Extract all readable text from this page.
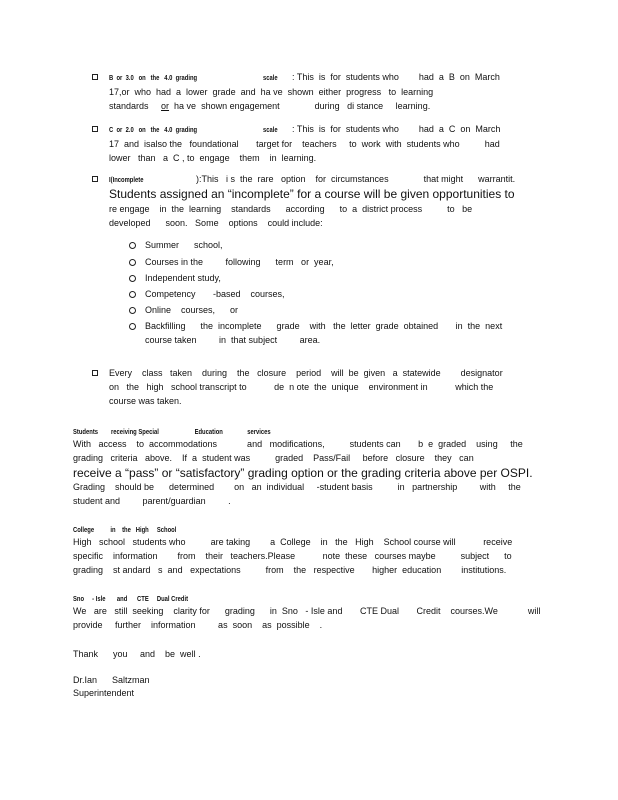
B  or  3.0   on   the   4.0  grading	scale : This  is  for  students who        had  a  B  on  March
17,or  who  had  a  lower  grade  and  ha ve  shown  either  progress   to  learning
standards     or  ha ve  shown engagement              during   di stance     learning.
C  or  2.0   on   the   4.0  grading	scale : This  is  for  students who        had  a  C  on  March
17  and  isalso the   foundational       target for    teachers     to  work  with  students who          had
lower   than   a  C , to  engage    them    in  learning.
I(Incomplete	):This   i s  the  rare   option    for  circumstances              that might      warrantit.
Students assigned an “incomplete” for a course will be given opportunities to
re engage    in  the  learning    standards      according      to  a  district process          to   be
developed      soon.   Some    options    could include:
Summer      school,
Courses in the         following      term   or  year,
Independent study,
Competency       -based    courses,
Online    courses,      or
Backfilling      the  incomplete      grade    with   the  letter  grade  obtained       in  the  next
course taken         in  that subject         area.
Every    class   taken    during    the   closure    period    will  be  given   a  statewide        designator
on   the   high   school transcript to           de  n ote  the  unique    environment in           which the
course was taken.
Students        receiving Special                      Education               services
With   access    to  accommodations            and   modifications,          students can       b  e  graded    using     the
grading   criteria   above.    If  a  student was          graded    Pass/Fail     before   closure    they   can
receive a “pass” or “satisfactory” grading option or the grading criteria above per OSPI.
Grading    should be      determined        on   an  individual     -student basis          in   partnership         with     the
student and         parent/guardian         .
College          in    the   High     School
High   school   students who          are taking        a  College    in   the   High    School course will           receive
specific    information        from    their   teachers.Please           note  these   courses maybe          subject      to
grading    st andard   s  and   expectations          from    the   respective       higher  education        institutions.
Sno     - Isle       and      CTE     Dual Credit
We   are   still  seeking    clarity for      grading      in  Sno   - Isle and       CTE Dual       Credit    courses.We            will
provide     further    information         as  soon    as  possible    .
Thank      you     and    be  well .
Dr.Ian      Saltzman
Superintendent
